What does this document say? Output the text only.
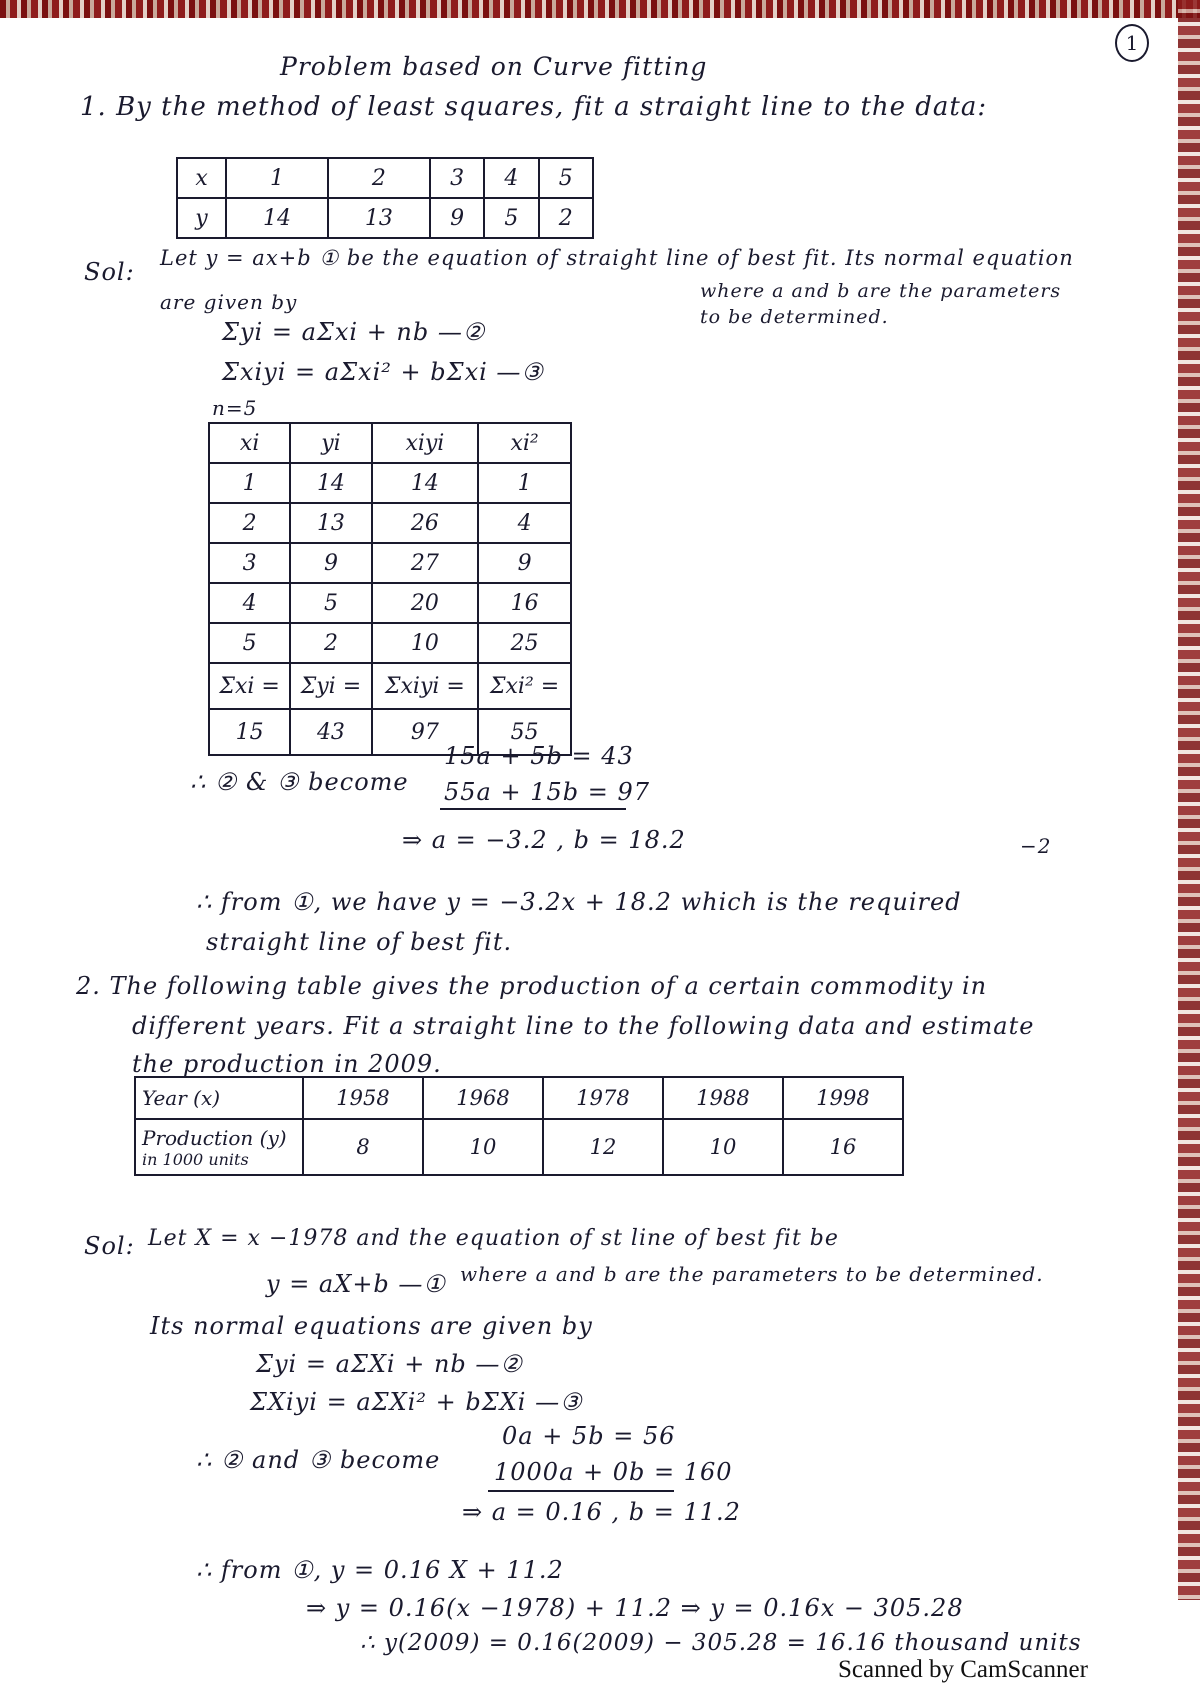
1
Problem based on Curve fitting
1. By the method of least squares, fit a straight line to the data:
x	1	2	3	4	5
y	14	13	9	5	2
Sol: Let y = ax+b ① be the equation of straight line of best fit. Its normal equation
are given by	where a and b are the parameters
to be determined.
Σyi = aΣxi + nb —②
Σxiyi = aΣxi² + bΣxi —③
n=5
xi	yi	xiyi	xi²
1	14	14	1
2	13	26	4
3	9	27	9
4	5	20	16
5	2	10	25
Σxi =	Σyi =	Σxiyi =	Σxi² =
15	43	97	55
∴ ② & ③ become
15a + 5b = 43
55a + 15b = 97
⇒ a = −3.2 , b = 18.2	−2
∴ from ①, we have y = −3.2x + 18.2 which is the required
straight line of best fit.
2. The following table gives the production of a certain commodity in
different years. Fit a straight line to the following data and estimate
the production in 2009.
Year (x)	1958	1968	1978	1988	1998

Production (y)
in 1000 units	8	10	12	10	16
Sol: Let X = x −1978 and the equation of st line of best fit be
where a and b are the parameters to be determined.
y = aX+b —①
Its normal equations are given by
Σyi = aΣXi + nb —②
ΣXiyi = aΣXi² + bΣXi —③
∴ ② and ③ become
0a + 5b = 56
1000a + 0b = 160
⇒ a = 0.16 , b = 11.2
∴ from ①, y = 0.16 X + 11.2
⇒ y = 0.16(x −1978) + 11.2 ⇒ y = 0.16x − 305.28
∴ y(2009) = 0.16(2009) − 305.28 = 16.16 thousand units
Scanned by CamScanner
